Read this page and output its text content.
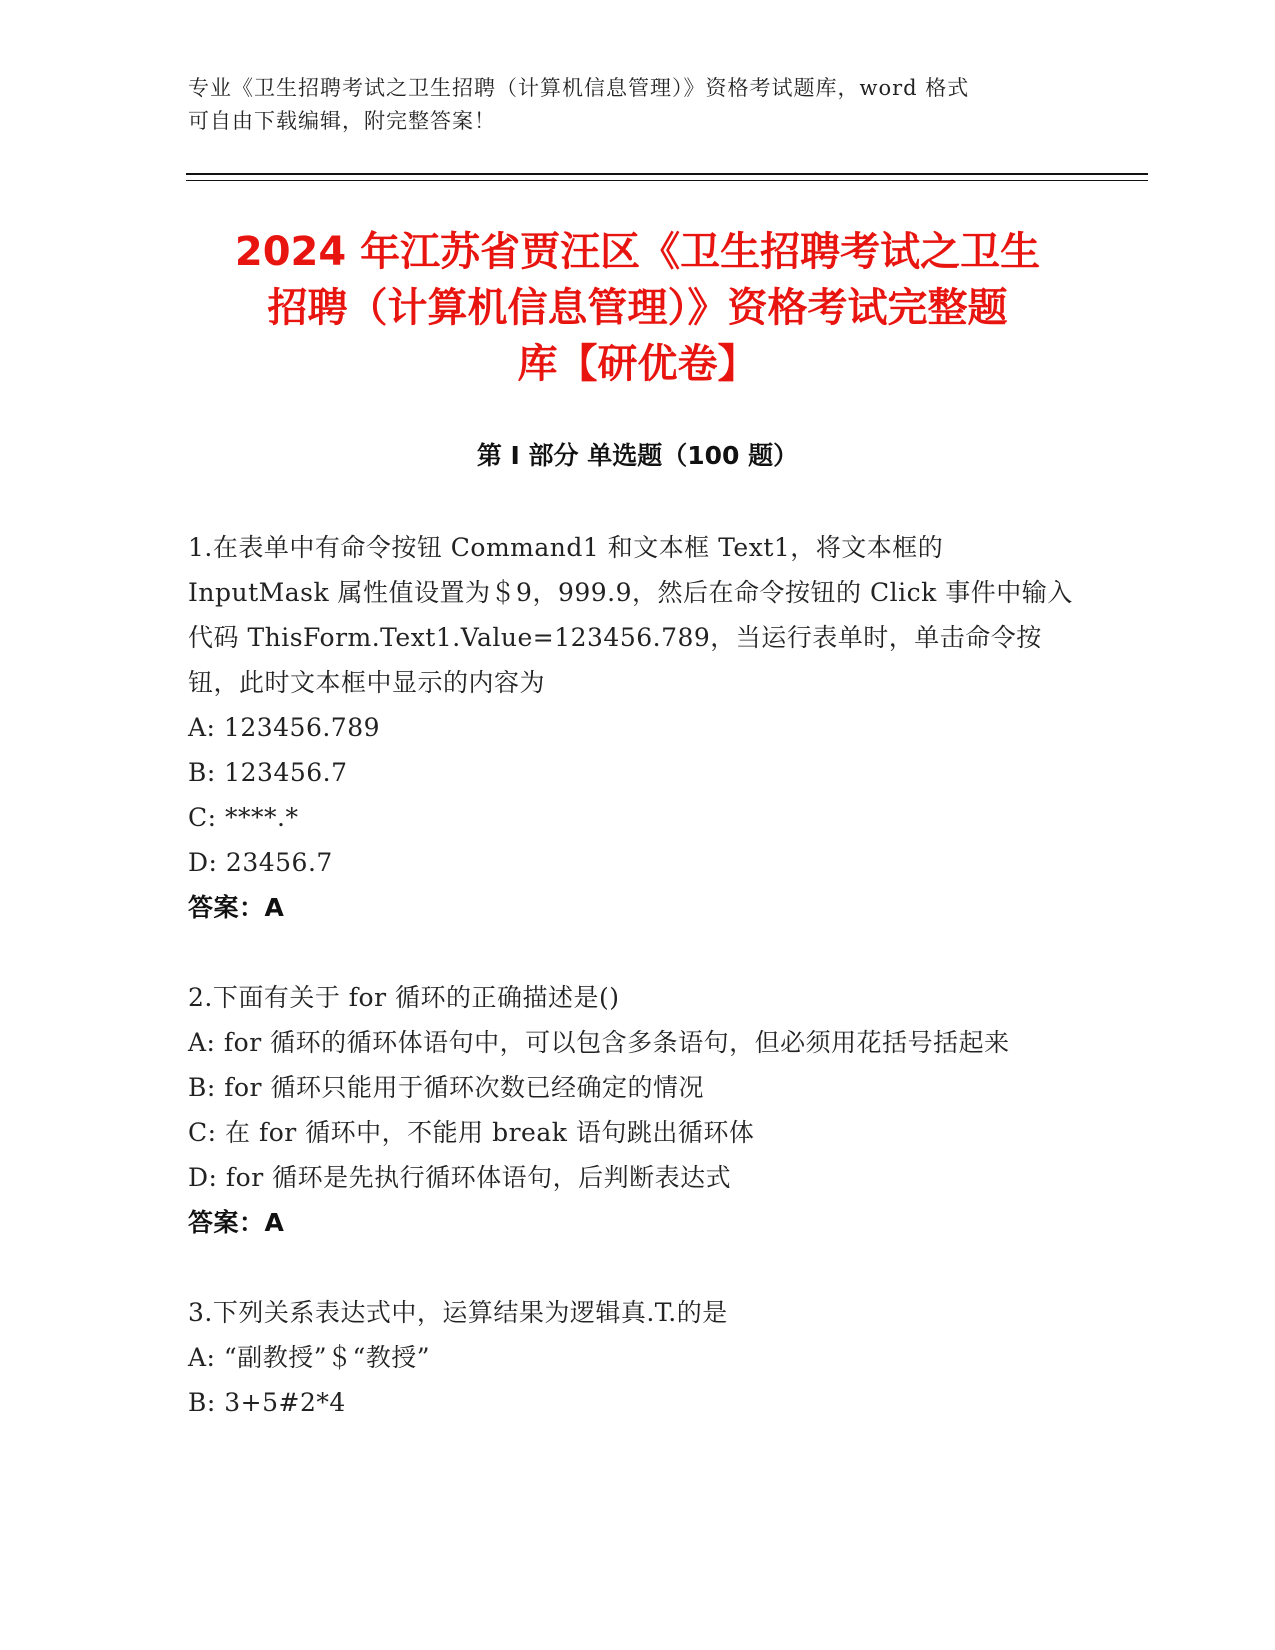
专业《卫生招聘考试之卫生招聘（计算机信息管理）》资格考试题库，word 格式
可自由下载编辑，附完整答案！
2024 年江苏省贾汪区《卫生招聘考试之卫生
招聘（计算机信息管理）》资格考试完整题
库【研优卷】
第 I 部分 单选题（100 题）

1.在表单中有命令按钮 Command1 和文本框 Text1，将文本框的 InputMask 属性值设置为＄9，999.9，然后在命令按钮的 Click 事件中输入代码 ThisForm.Text1.Value=123456.789，当运行表单时，单击命令按钮，此时文本框中显示的内容为

A: 123456.789

B: 123456.7

C: ****.*

D: 23456.7

答案：A

2.下面有关于 for 循环的正确描述是()

A: for 循环的循环体语句中，可以包含多条语句，但必须用花括号括起来

B: for 循环只能用于循环次数已经确定的情况

C: 在 for 循环中，不能用 break 语句跳出循环体

D: for 循环是先执行循环体语句，后判断表达式

答案：A

3.下列关系表达式中，运算结果为逻辑真.T.的是

A: “副教授”＄“教授”

B: 3+5#2*4
